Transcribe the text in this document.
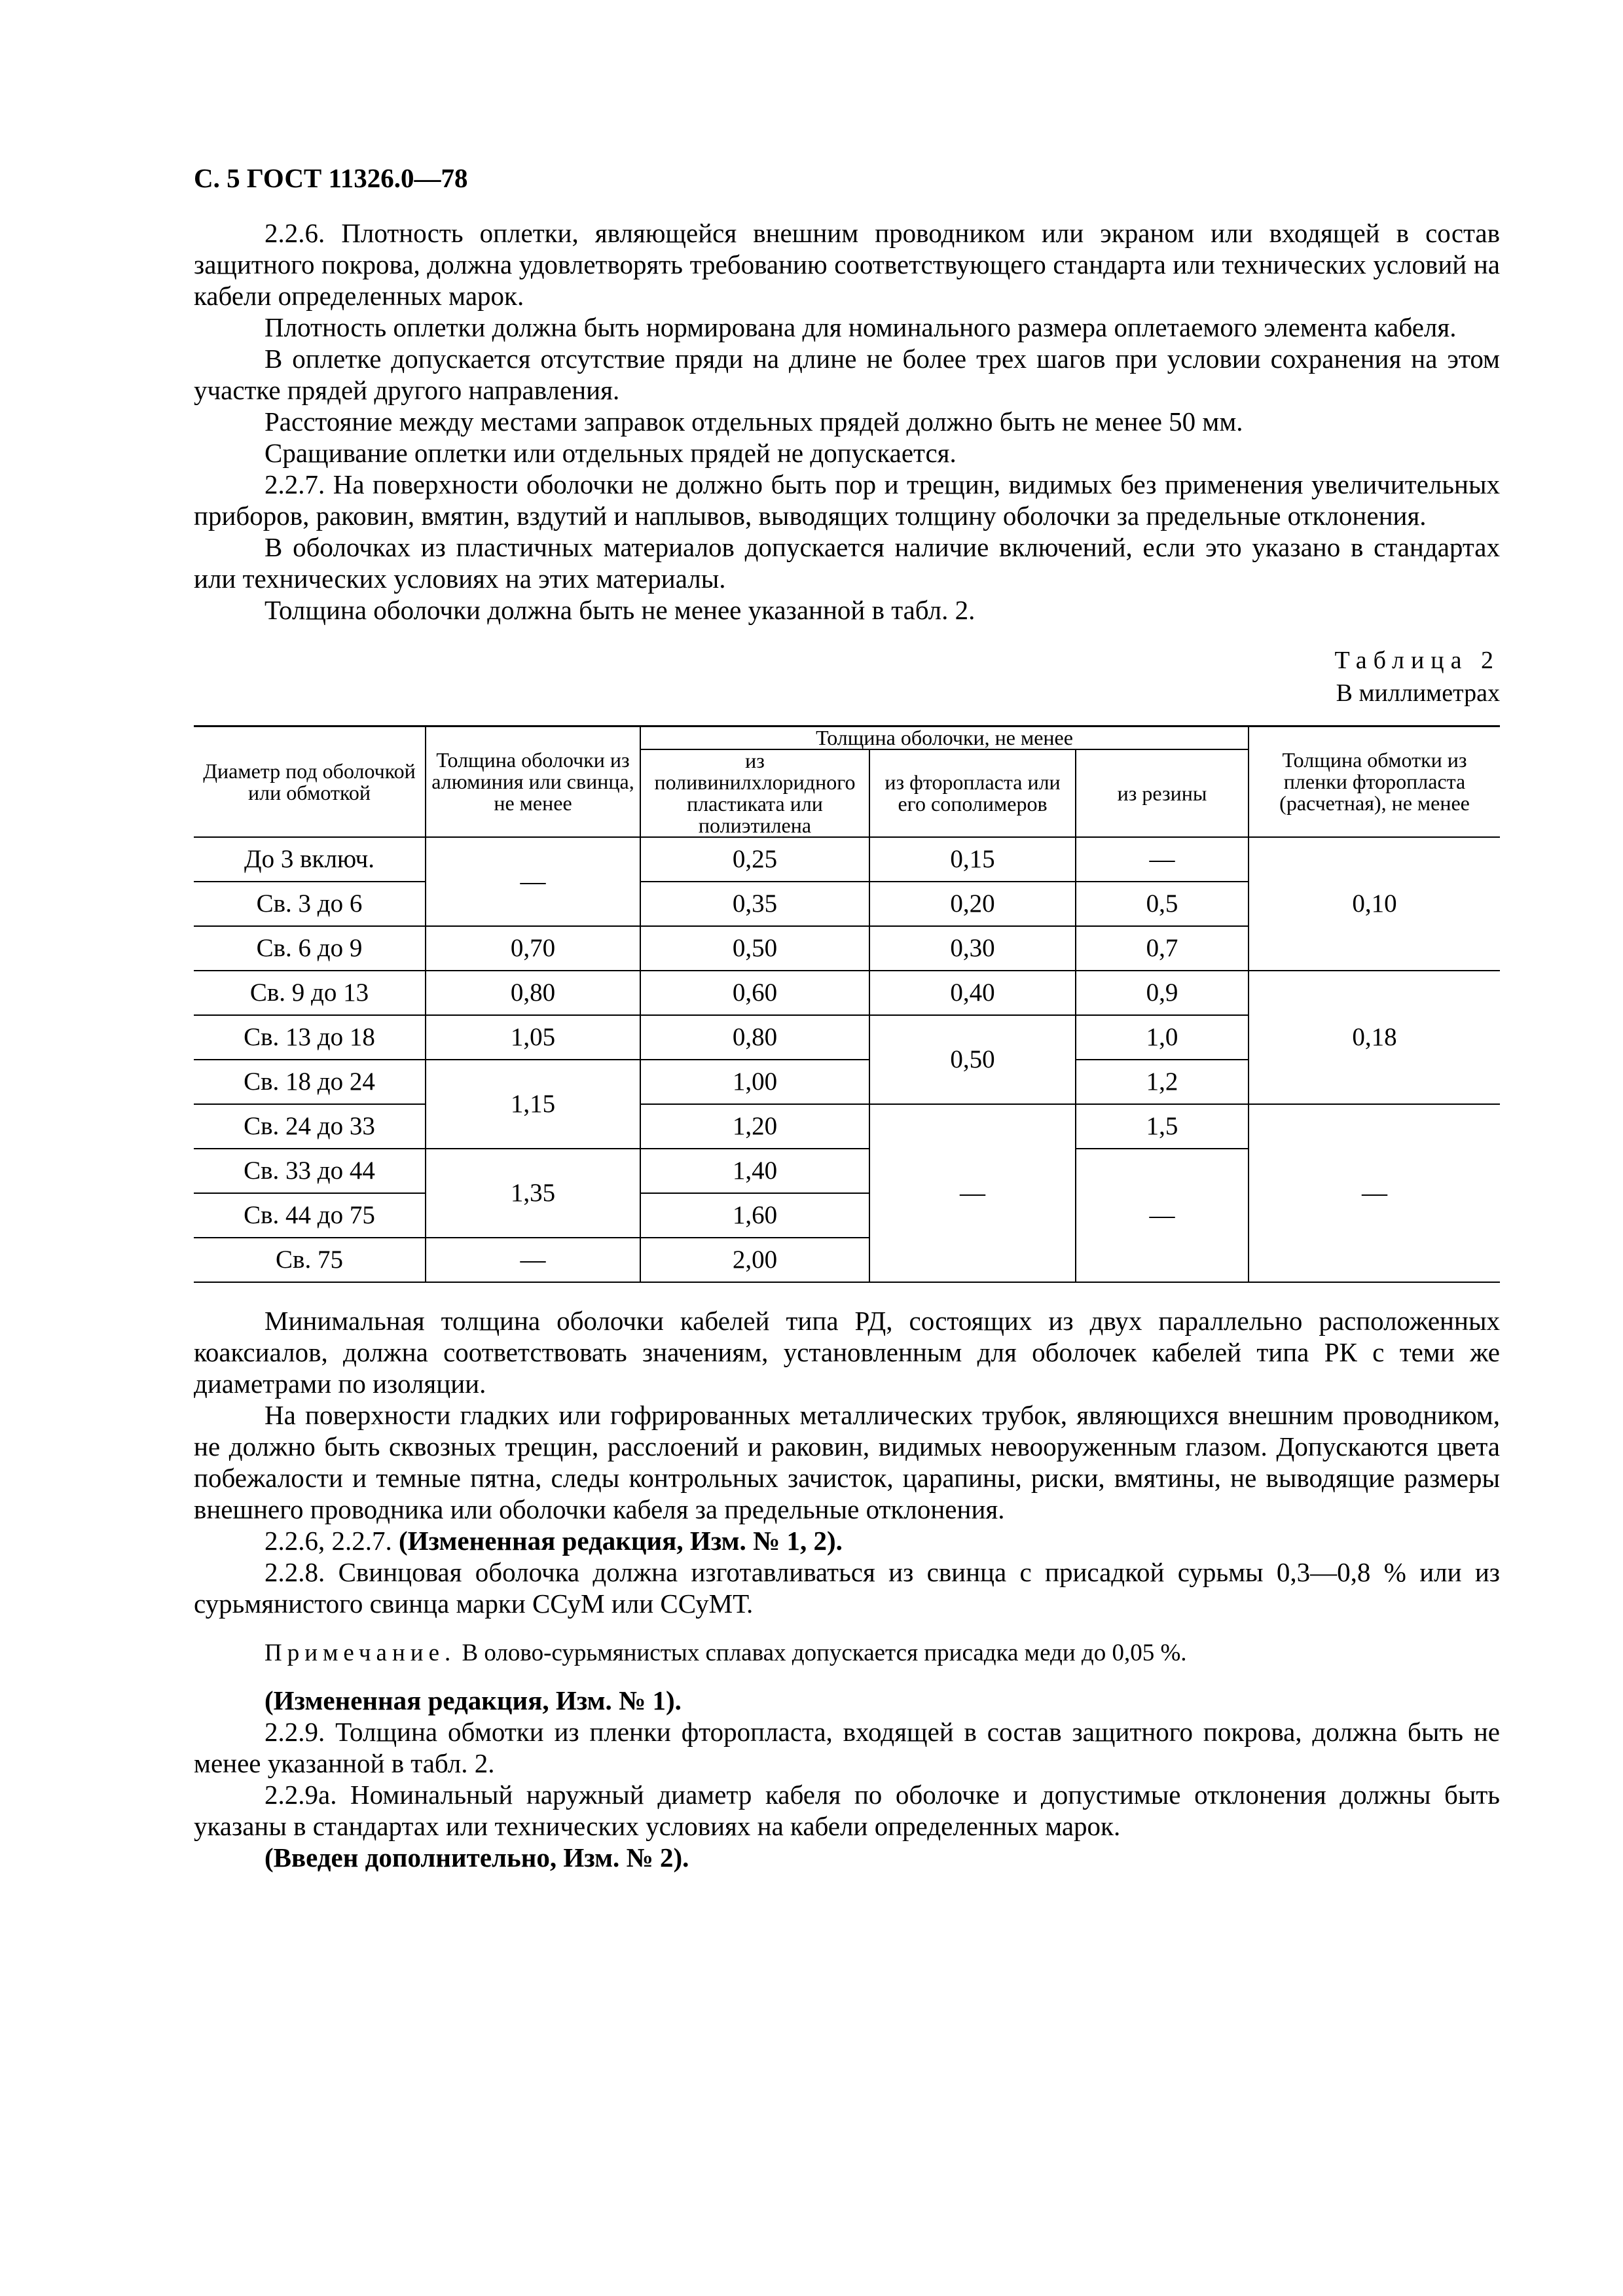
С. 5 ГОСТ 11326.0—78

2.2.6. Плотность оплетки, являющейся внешним проводником или экраном или входящей в состав защитного покрова, должна удовлетворять требованию соответствующего стандарта или технических условий на кабели определенных марок.

Плотность оплетки должна быть нормирована для номинального размера оплетаемого элемента кабеля.

В оплетке допускается отсутствие пряди на длине не более трех шагов при условии сохранения на этом участке прядей другого направления.

Расстояние между местами заправок отдельных прядей должно быть не менее 50 мм.

Сращивание оплетки или отдельных прядей не допускается.

2.2.7. На поверхности оболочки не должно быть пор и трещин, видимых без применения увеличительных приборов, раковин, вмятин, вздутий и наплывов, выводящих толщину оболочки за предельные отклонения.

В оболочках из пластичных материалов допускается наличие включений, если это указано в стандартах или технических условиях на этих материалы.

Толщина оболочки должна быть не менее указанной в табл. 2.

Таблица 2
В миллиметрах
Диаметр под оболочкой или обмоткой	Толщина оболочки из алюминия или свинца, не менее	Толщина оболочки, не менее			Толщина обмотки из пленки фторопласта (расчетная), не менее
		из поливинилхлоридного пластиката или полиэтилена	из фторопласта или его сополимеров	из резины	
До 3 включ.	—	0,25	0,15	—	0,10
Св. 3 до 6		0,35	0,20	0,5	
Св. 6 до 9	0,70	0,50	0,30	0,7	
Св. 9 до 13	0,80	0,60	0,40	0,9	0,18
Св. 13 до 18	1,05	0,80	0,50	1,0	
Св. 18 до 24	1,15	1,00		1,2	
Св. 24 до 33		1,20	—	1,5	—
Св. 33 до 44	1,35	1,40		—	
Св. 44 до 75		1,60			
Св. 75	—	2,00			

Минимальная толщина оболочки кабелей типа РД, состоящих из двух параллельно расположенных коаксиалов, должна соответствовать значениям, установленным для оболочек кабелей типа РК с теми же диаметрами по изоляции.

На поверхности гладких или гофрированных металлических трубок, являющихся внешним проводником, не должно быть сквозных трещин, расслоений и раковин, видимых невооруженным глазом. Допускаются цвета побежалости и темные пятна, следы контрольных зачисток, царапины, риски, вмятины, не выводящие размеры внешнего проводника или оболочки кабеля за предельные отклонения.

2.2.6, 2.2.7. (Измененная редакция, Изм. № 1, 2).

2.2.8. Свинцовая оболочка должна изготавливаться из свинца с присадкой сурьмы 0,3—0,8 % или из сурьмянистого свинца марки ССуМ или ССуМТ.

Примечание. В олово-сурьмянистых сплавах допускается присадка меди до 0,05 %.

(Измененная редакция, Изм. № 1).

2.2.9. Толщина обмотки из пленки фторопласта, входящей в состав защитного покрова, должна быть не менее указанной в табл. 2.

2.2.9а. Номинальный наружный диаметр кабеля по оболочке и допустимые отклонения должны быть указаны в стандартах или технических условиях на кабели определенных марок.

(Введен дополнительно, Изм. № 2).
